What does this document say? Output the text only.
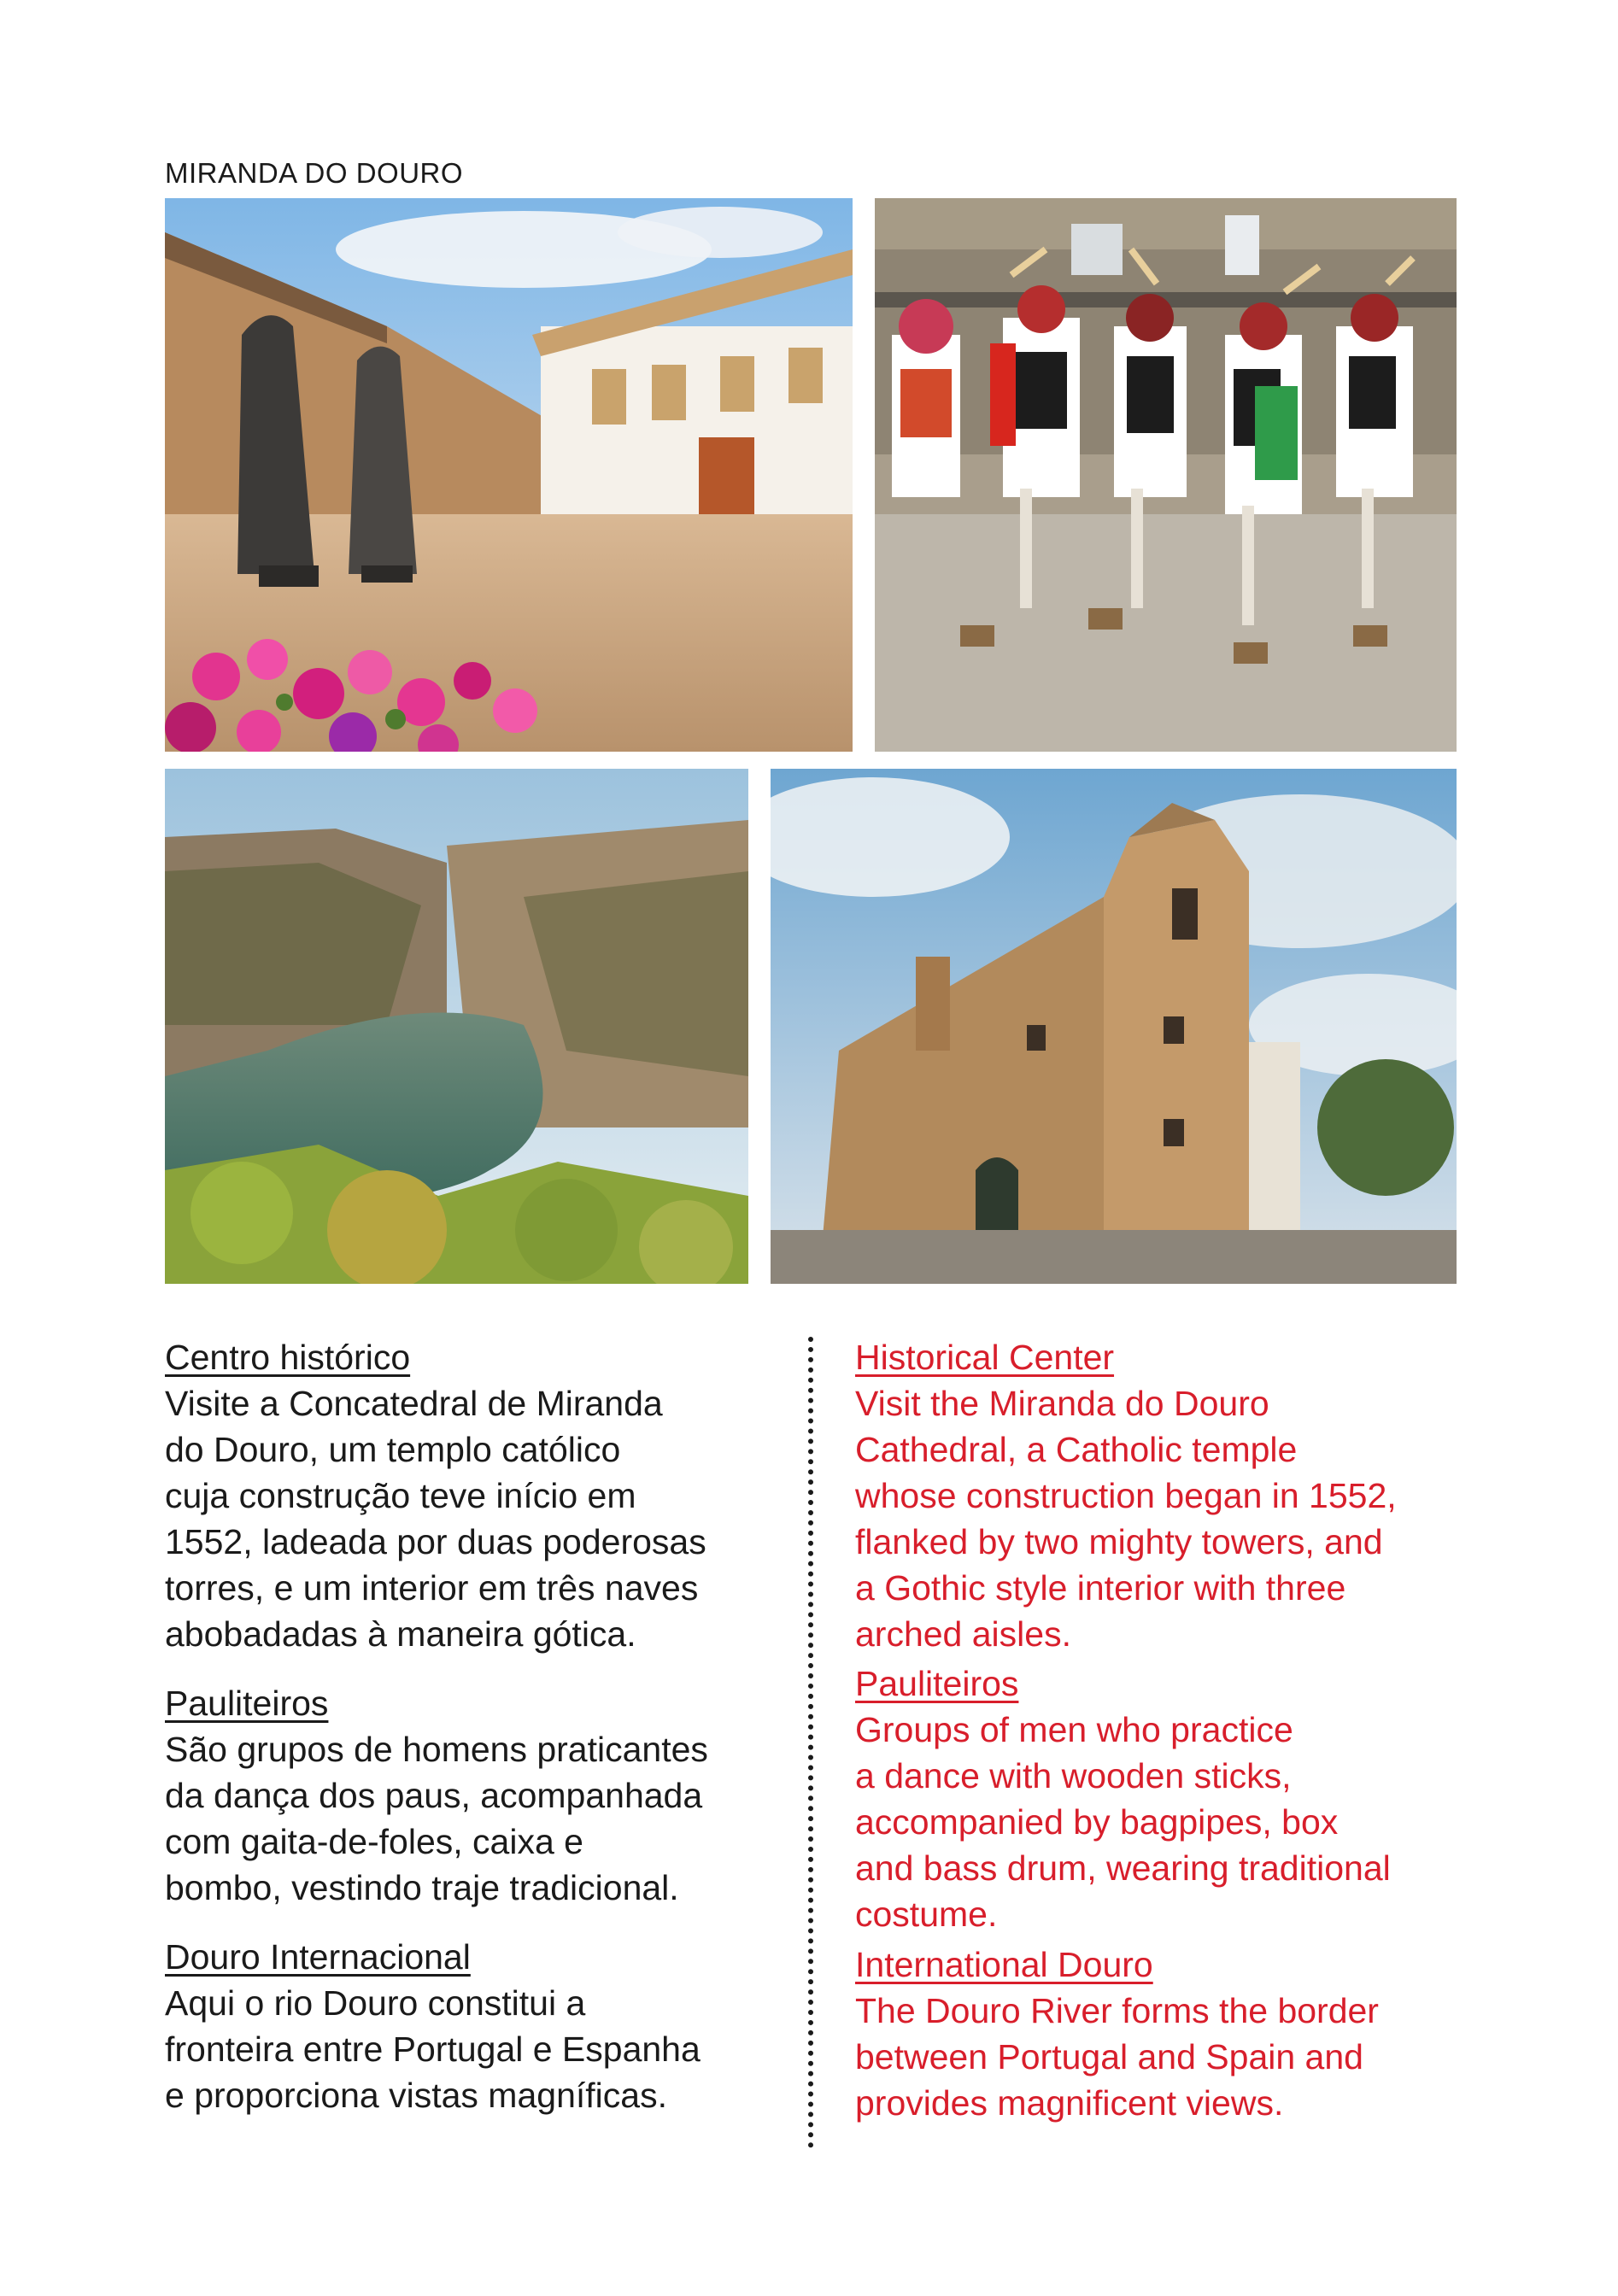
MIRANDA DO DOURO
Centro histórico
Visite a Concatedral de Miranda
do Douro, um templo católico
cuja construção teve início em
1552, ladeada por duas poderosas
torres, e um interior em três naves
abobadadas à maneira gótica.
Pauliteiros
São grupos de homens praticantes
da dança dos paus, acompanhada
com gaita-de-foles, caixa e
bombo, vestindo traje tradicional.
Douro Internacional
Aqui o rio Douro constitui a
fronteira entre Portugal e Espanha
e proporciona vistas magníficas.
Historical Center
Visit the Miranda do Douro
Cathedral, a Catholic temple
whose construction began in 1552,
flanked by two mighty towers, and
a Gothic style interior with three
arched aisles.
Pauliteiros
Groups of men who practice
a dance with wooden sticks,
accompanied by bagpipes, box
and bass drum, wearing traditional
costume.
International Douro
The Douro River forms the border
between Portugal and Spain and
provides magnificent views.
